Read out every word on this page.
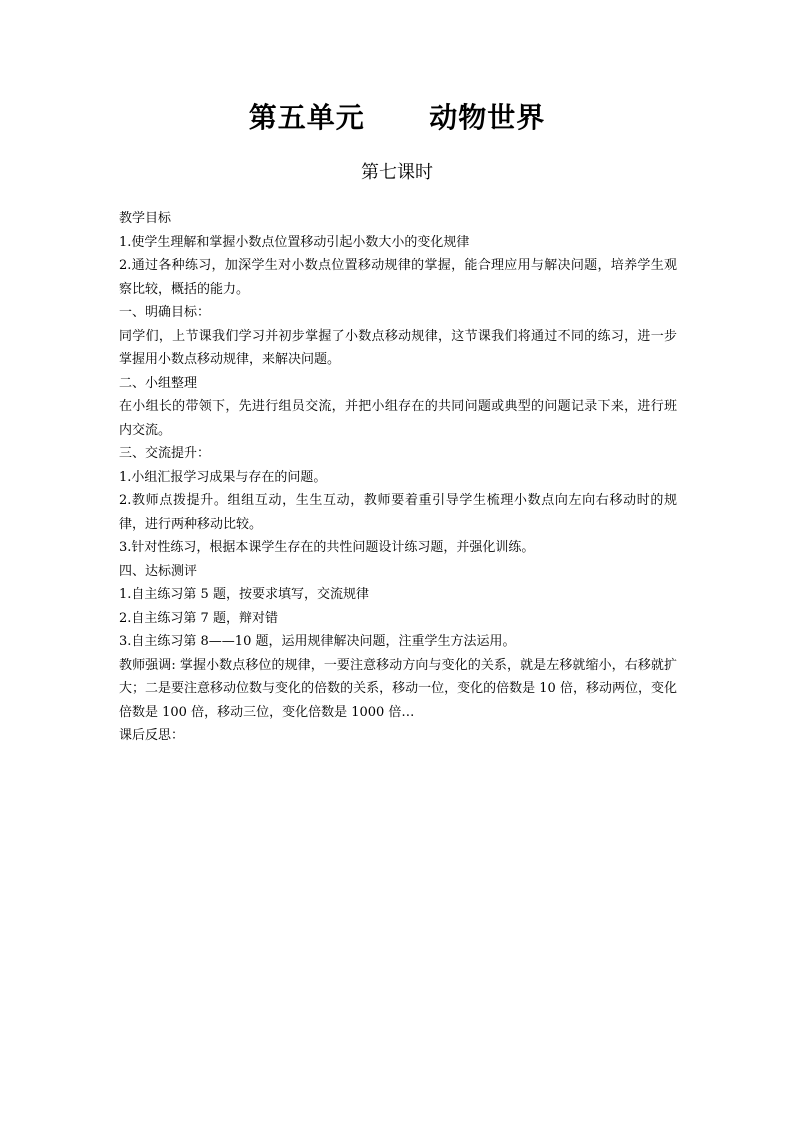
第五单元      动物世界
第七课时

教学目标

1.使学生理解和掌握小数点位置移动引起小数大小的变化规律

2.通过各种练习，加深学生对小数点位置移动规律的掌握，能合理应用与解决问题，培养学生观察比较，概括的能力。

一、明确目标：

同学们，上节课我们学习并初步掌握了小数点移动规律，这节课我们将通过不同的练习，进一步掌握用小数点移动规律，来解决问题。

二、小组整理

在小组长的带领下，先进行组员交流，并把小组存在的共同问题或典型的问题记录下来，进行班内交流。

三、交流提升：

1.小组汇报学习成果与存在的问题。

2.教师点拨提升。组组互动，生生互动，教师要着重引导学生梳理小数点向左向右移动时的规律，进行两种移动比较。

3.针对性练习，根据本课学生存在的共性问题设计练习题，并强化训练。

四、达标测评

1.自主练习第 5 题，按要求填写，交流规律

2.自主练习第 7 题，辩对错

3.自主练习第 8——10 题，运用规律解决问题，注重学生方法运用。

教师强调: 掌握小数点移位的规律，一要注意移动方向与变化的关系，就是左移就缩小，右移就扩大；二是要注意移动位数与变化的倍数的关系，移动一位，变化的倍数是 10 倍，移动两位，变化倍数是 100 倍，移动三位，变化倍数是 1000 倍…

课后反思：
